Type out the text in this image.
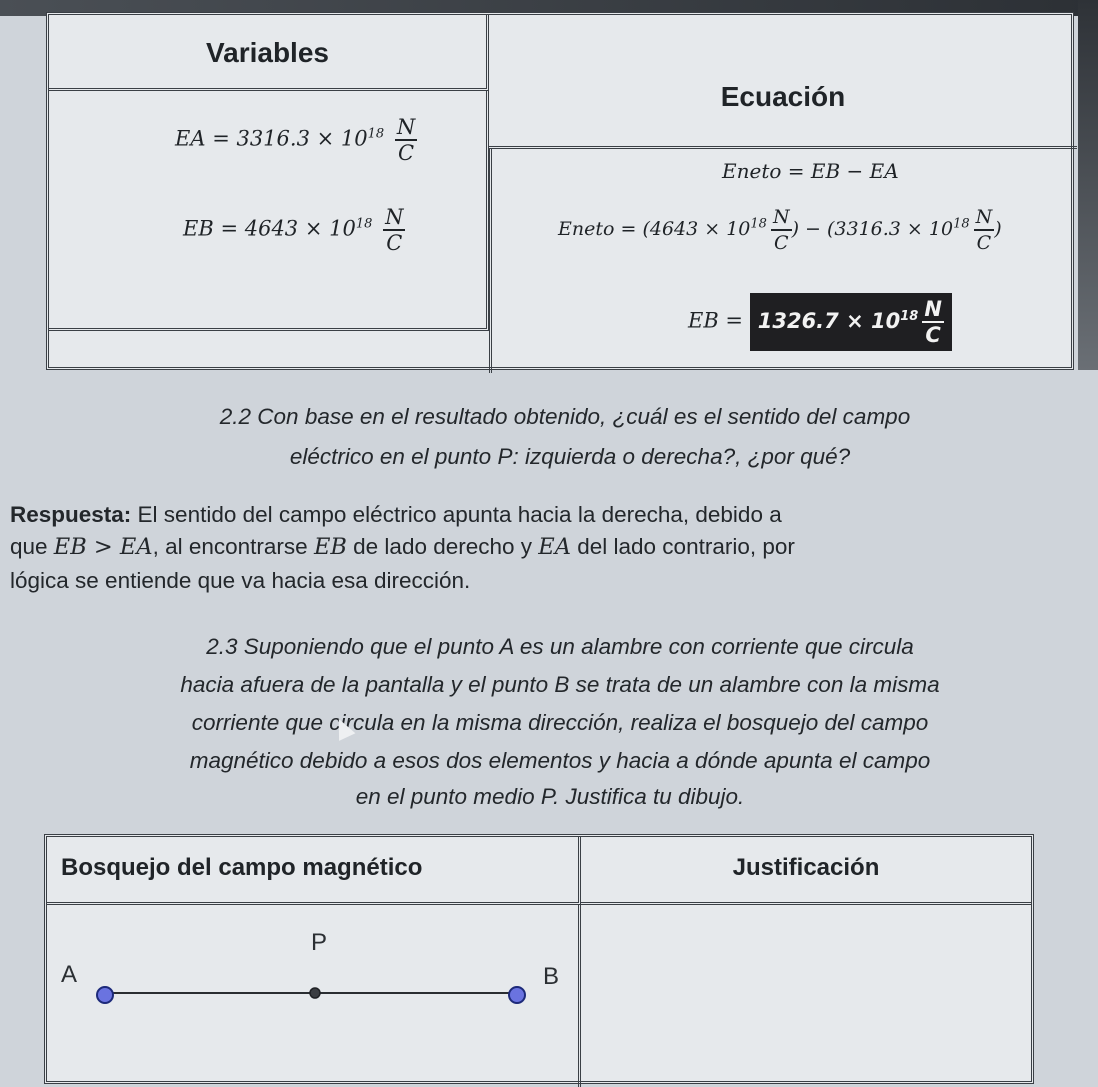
Variables
Ecuación
EA = $3316.3 \times 10^{18} \frac{N}{C}$
EB = $4643 \times 10^{18} \frac{N}{C}$
Eneto = EB − EA
Eneto = ($4643 \times 10^{18} \frac{N}{C}$ ) − ($3316.3 \times 10^{18} \frac{N}{C}$ )
EB = $1326.7 \times 10^{18} \frac{N}{C}$
2.2 Con base en el resultado obtenido, ¿cuál es el sentido del campo
eléctrico en el punto P: izquierda o derecha?, ¿por qué?
Respuesta: El sentido del campo eléctrico apunta hacia la derecha, debido a
que EB > EA, al encontrarse EB de lado derecho y EA del lado contrario, por
lógica se entiende que va hacia esa dirección.
2.3 Suponiendo que el punto A es un alambre con corriente que circula
hacia afuera de la pantalla y el punto B se trata de un alambre con la misma
corriente que circula en la misma dirección, realiza el bosquejo del campo
magnético debido a esos dos elementos y hacia a dónde apunta el campo
en el punto medio P. Justifica tu dibujo.
Bosquejo del campo magnético	Justificación
P
A	B
